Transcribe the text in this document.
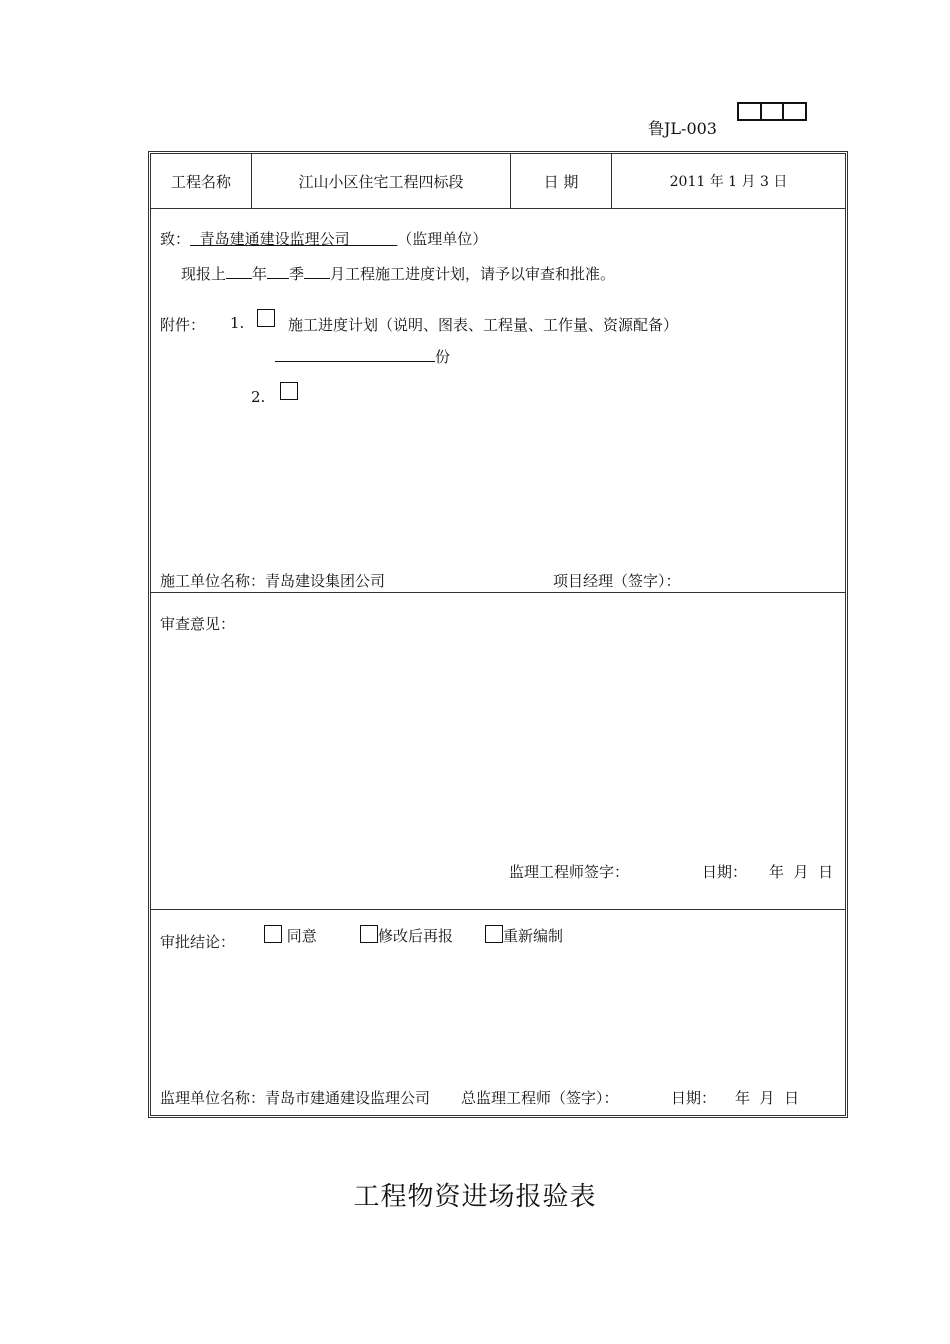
鲁JL-003
工程名称	江山小区住宅工程四标段	日 期	2011 年 1 月 3 日
致： 青岛建通建设监理公司	（监理单位）
现报上 年 季 月工程施工进度计划，请予以审查和批准。
附件： 1.	施工进度计划（说明、图表、工程量、工作量、资源配备）
份
2.
施工单位名称：青岛建设集团公司	项目经理（签字）：
审查意见：
监理工程师签字：	日期： 年  月  日
审批结论：	同意	修改后再报	重新编制
监理单位名称：青岛市建通建设监理公司 总监理工程师（签字）：	日期： 年  月  日
工程物资进场报验表
